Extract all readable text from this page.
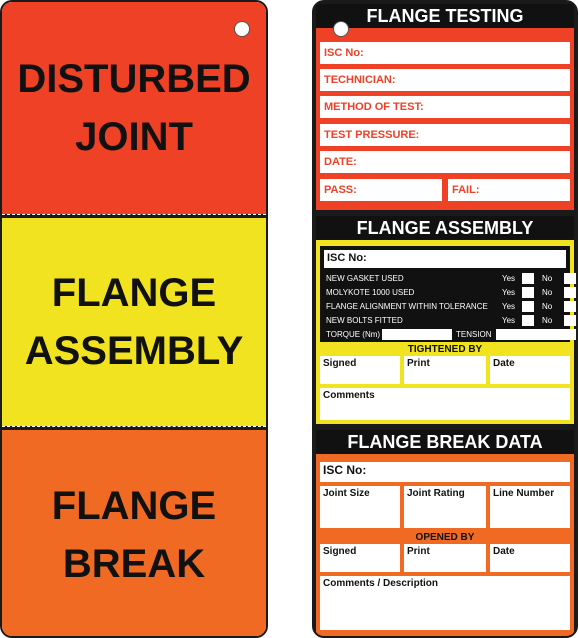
DISTURBED
JOINT
FLANGE
ASSEMBLY
FLANGE
BREAK
FLANGE TESTING
ISC No:
TECHNICIAN:
METHOD OF TEST:
TEST PRESSURE:
DATE:
PASS:	FAIL:
FLANGE ASSEMBLY
ISC No:
NEW GASKET USED	Yes	No
MOLYKOTE 1000 USED	Yes	No
FLANGE ALIGNMENT WITHIN TOLERANCE Yes	No
NEW BOLTS FITTED	Yes	No
TORQUE (Nm)	TENSION
TIGHTENED BY
Signed	Print	Date
Comments
FLANGE BREAK DATA
ISC No:
Joint Size	Joint Rating	Line Number
OPENED BY
Signed	Print	Date
Comments / Description
